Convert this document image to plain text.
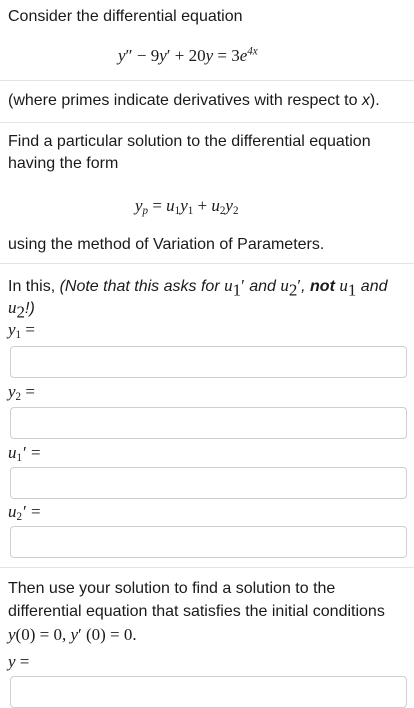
Consider the differential equation
$y'' - 9y' + 20y = 3e^{4x}$
(where primes indicate derivatives with respect to x).
Find a particular solution to the differential equation
having the form
$y_p = u_1y_1 + u_2y_2$
using the method of Variation of Parameters.
In this, (Note that this asks for $u_1'$ and $u_2'$, not $u_1$ and
$u_2$!)
$y_1$ =
$y_2$ =
$u_1'$ =
$u_2'$ =
Then use your solution to find a solution to the
differential equation that satisfies the initial conditions
y(0) = 0, y′ (0) = 0.
y =
